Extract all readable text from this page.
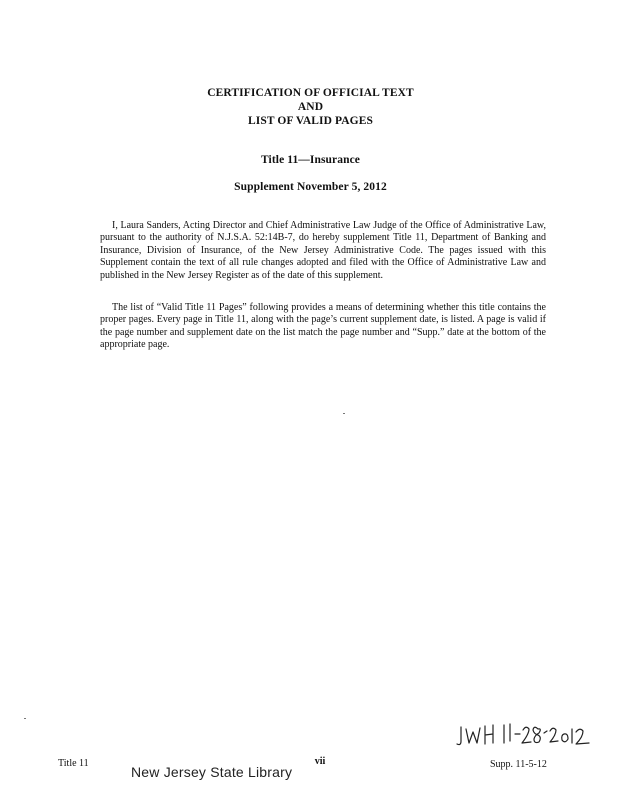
CERTIFICATION OF OFFICIAL TEXT
AND
LIST OF VALID PAGES
Title 11—Insurance
Supplement November 5, 2012
I, Laura Sanders, Acting Director and Chief Administrative Law Judge of the Office of Administrative Law, pursuant to the authority of N.J.S.A. 52:14B-7, do hereby supplement Title 11, Department of Banking and Insurance, Division of Insurance, of the New Jersey Administrative Code. The pages issued with this Supplement contain the text of all rule changes adopted and filed with the Office of Administrative Law and published in the New Jersey Register as of the date of this supplement.
The list of “Valid Title 11 Pages” following provides a means of determining whether this title contains the proper pages. Every page in Title 11, along with the page’s current supplement date, is listed. A page is valid if the page number and supplement date on the list match the page number and “Supp.” date at the bottom of the appropriate page.
Title 11	vii	Supp. 11-5-12
New Jersey State Library
